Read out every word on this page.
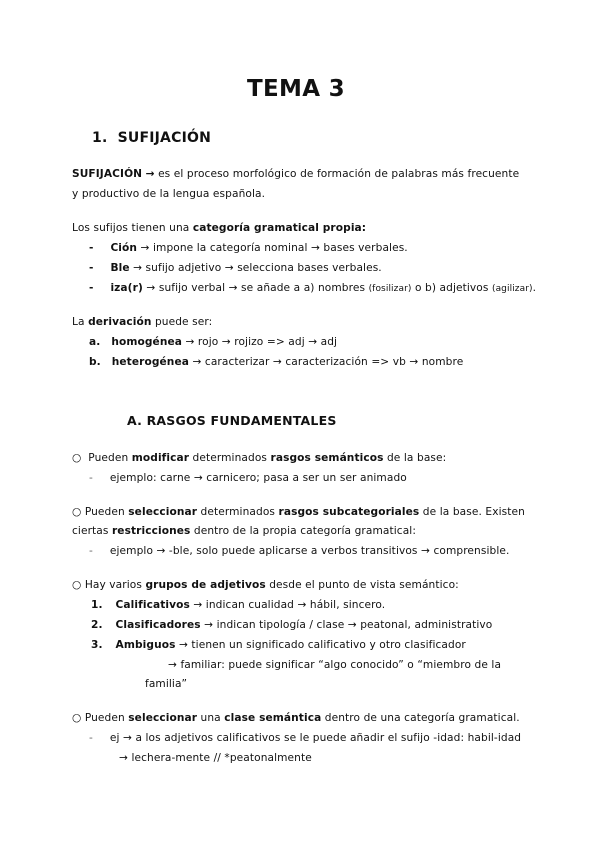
TEMA 3
1. SUFIJACIÓN
SUFIJACIÓN → es el proceso morfológico de formación de palabras más frecuente
y productivo de la lengua española.
Los sufijos tienen una categoría gramatical propia:
- Ción → impone la categoría nominal → bases verbales.
- Ble → sufijo adjetivo → selecciona bases verbales.
- iza(r) → sufijo verbal → se añade a a) nombres (fosilizar) o b) adjetivos (agilizar).
La derivación puede ser:
a. homogénea → rojo → rojizo => adj → adj
b. heterogénea → caracterizar → caracterización => vb → nombre
A. RASGOS FUNDAMENTALES
○ Pueden modificar determinados rasgos semánticos de la base:
- ejemplo: carne → carnicero; pasa a ser un ser animado
○ Pueden seleccionar determinados rasgos subcategoriales de la base. Existen
ciertas restricciones dentro de la propia categoría gramatical:
- ejemplo → -ble, solo puede aplicarse a verbos transitivos → comprensible.
○ Hay varios grupos de adjetivos desde el punto de vista semántico:
1. Calificativos → indican cualidad → hábil, sincero.
2. Clasificadores → indican tipología / clase → peatonal, administrativo
3. Ambiguos → tienen un significado calificativo y otro clasificador
→ familiar: puede significar “algo conocido” o “miembro de la
familia”
○ Pueden seleccionar una clase semántica dentro de una categoría gramatical.
- ej → a los adjetivos calificativos se le puede añadir el sufijo -idad: habil-idad
→ lechera-mente // *peatonalmente
